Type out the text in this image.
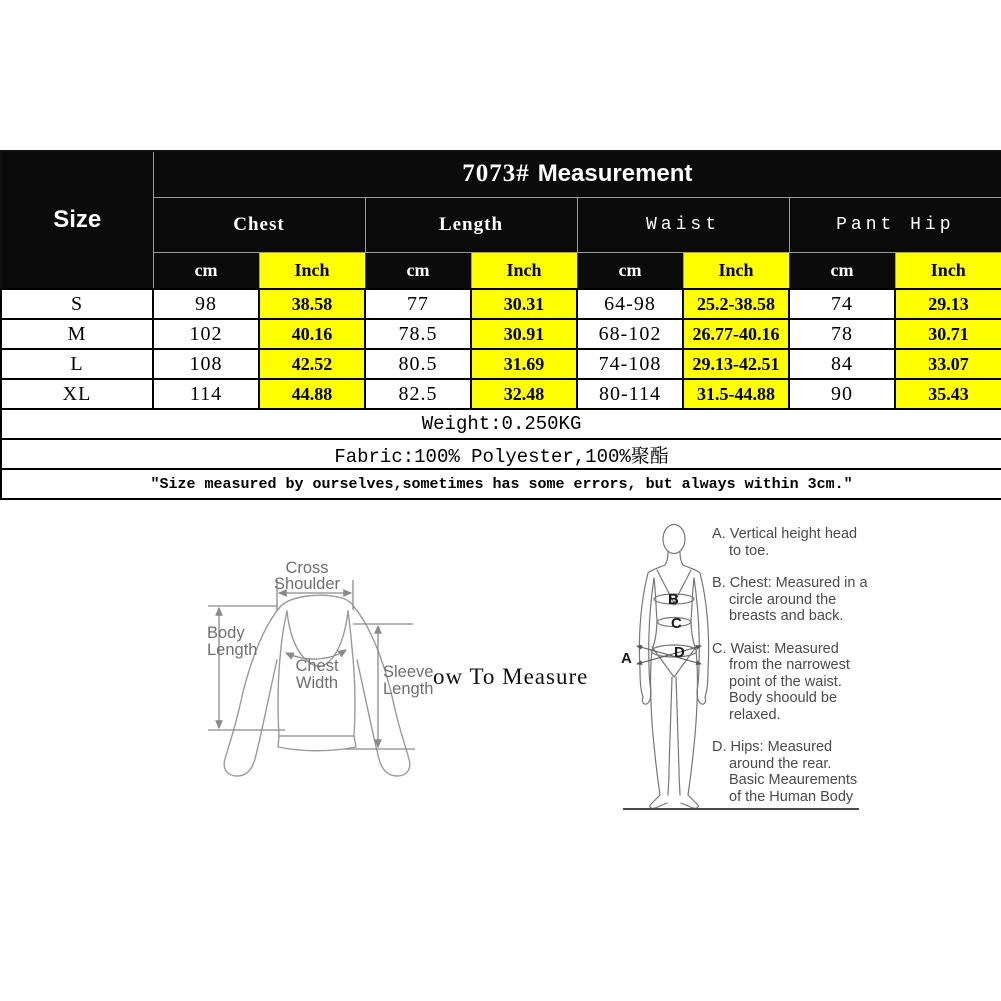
Size	7073# Measurement							
	Chest		Length		Waist		Pant Hip	
	cm	Inch	cm	Inch	cm	Inch	cm	Inch
S	98	38.58	77	30.31	64-98	25.2-38.58	74	29.13
M	102	40.16	78.5	30.91	68-102	26.77-40.16	78	30.71
L	108	42.52	80.5	31.69	74-108	29.13-42.51	84	33.07
XL	114	44.88	82.5	32.48	80-114	31.5-44.88	90	35.43
Weight:0.250KG								
Fabric:100% Polyester,100%聚酯								
″Size measured by ourselves,sometimes has some errors, but always within 3cm.″								
Cross
Shoulder
Body
Length
Chest
Width
Sleeve
Length ow To Measure
A
B
C
D
A. Vertical height head
to toe.
B. Chest: Measured in a
circle around the
breasts and back.
C. Waist: Measured
from the narrowest
point of the waist.
Body shoould be
relaxed.
D. Hips: Measured
around the rear.
Basic Meaurements
of the Human Body
